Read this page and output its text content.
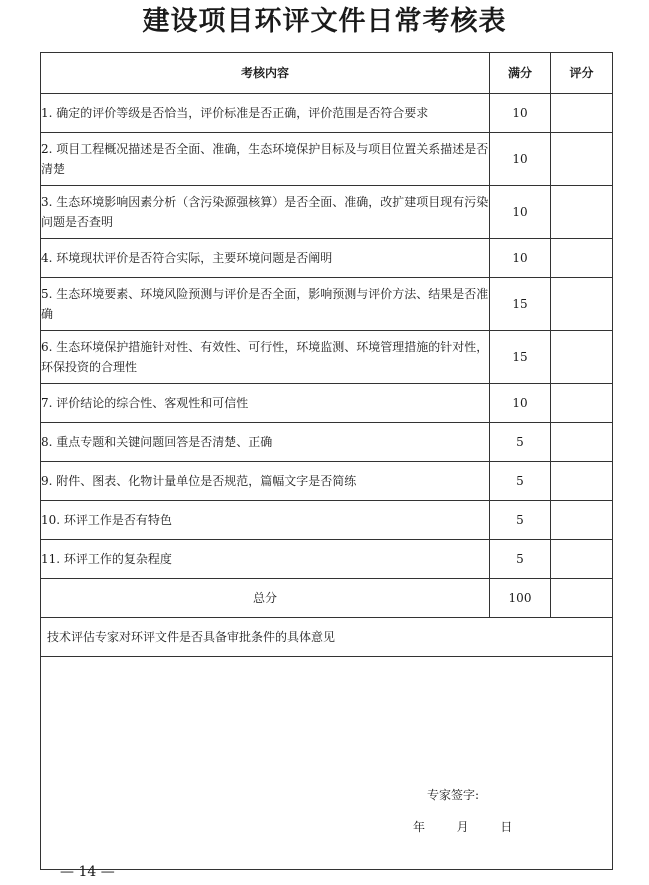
建设项目环评文件日常考核表
考核内容	满分	评分
1. 确定的评价等级是否恰当，评价标准是否正确，评价范围是否符合要求	10	
2. 项目工程概况描述是否全面、准确，生态环境保护目标及与项目位置关系描述是否清楚	10	
3. 生态环境影响因素分析（含污染源强核算）是否全面、准确，改扩建项目现有污染问题是否查明	10	
4. 环境现状评价是否符合实际，主要环境问题是否阐明	10	
5. 生态环境要素、环境风险预测与评价是否全面，影响预测与评价方法、结果是否准确	15	
6. 生态环境保护措施针对性、有效性、可行性，环境监测、环境管理措施的针对性，环保投资的合理性	15	
7. 评价结论的综合性、客观性和可信性	10	
8. 重点专题和关键问题回答是否清楚、正确	5	
9. 附件、图表、化物计量单位是否规范，篇幅文字是否简练	5	
10. 环评工作是否有特色	5	
11. 环评工作的复杂程度	5	
总分	100	
技术评估专家对环评文件是否具备审批条件的具体意见		

专家签字:
年 月 日		
— 14 —
